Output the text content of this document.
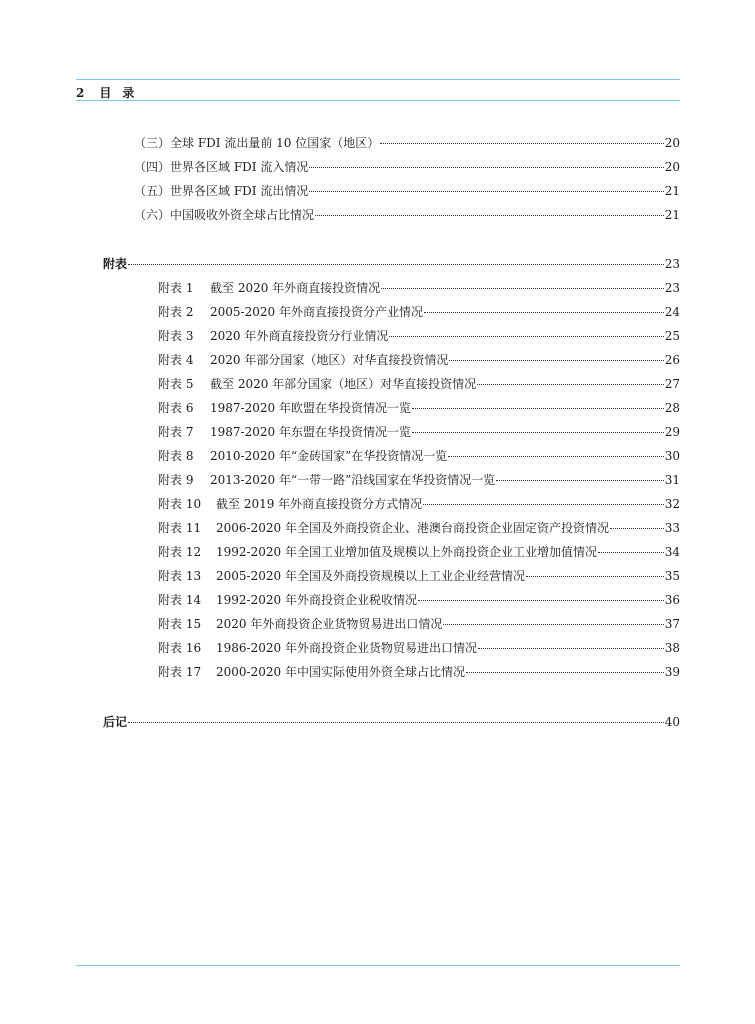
2 目 录
（三）全球 FDI 流出量前 10 位国家（地区）	20
（四）世界各区域 FDI 流入情况	20
（五）世界各区域 FDI 流出情况	21
（六）中国吸收外资全球占比情况	21
附表	23
附表 1 截至 2020 年外商直接投资情况	23
附表 2 2005-2020 年外商直接投资分产业情况	24
附表 3 2020 年外商直接投资分行业情况	25
附表 4 2020 年部分国家（地区）对华直接投资情况	26
附表 5 截至 2020 年部分国家（地区）对华直接投资情况	27
附表 6 1987-2020 年欧盟在华投资情况一览	28
附表 7 1987-2020 年东盟在华投资情况一览	29
附表 8 2010-2020 年“金砖国家”在华投资情况一览	30
附表 9 2013-2020 年“一带一路”沿线国家在华投资情况一览	31
附表 10 截至 2019 年外商直接投资分方式情况	32
附表 11 2006-2020 年全国及外商投资企业、港澳台商投资企业固定资产投资情况	33
附表 12 1992-2020 年全国工业增加值及规模以上外商投资企业工业增加值情况	34
附表 13 2005-2020 年全国及外商投资规模以上工业企业经营情况	35
附表 14 1992-2020 年外商投资企业税收情况	36
附表 15 2020 年外商投资企业货物贸易进出口情况	37
附表 16 1986-2020 年外商投资企业货物贸易进出口情况	38
附表 17 2000-2020 年中国实际使用外资全球占比情况	39
后记	40
